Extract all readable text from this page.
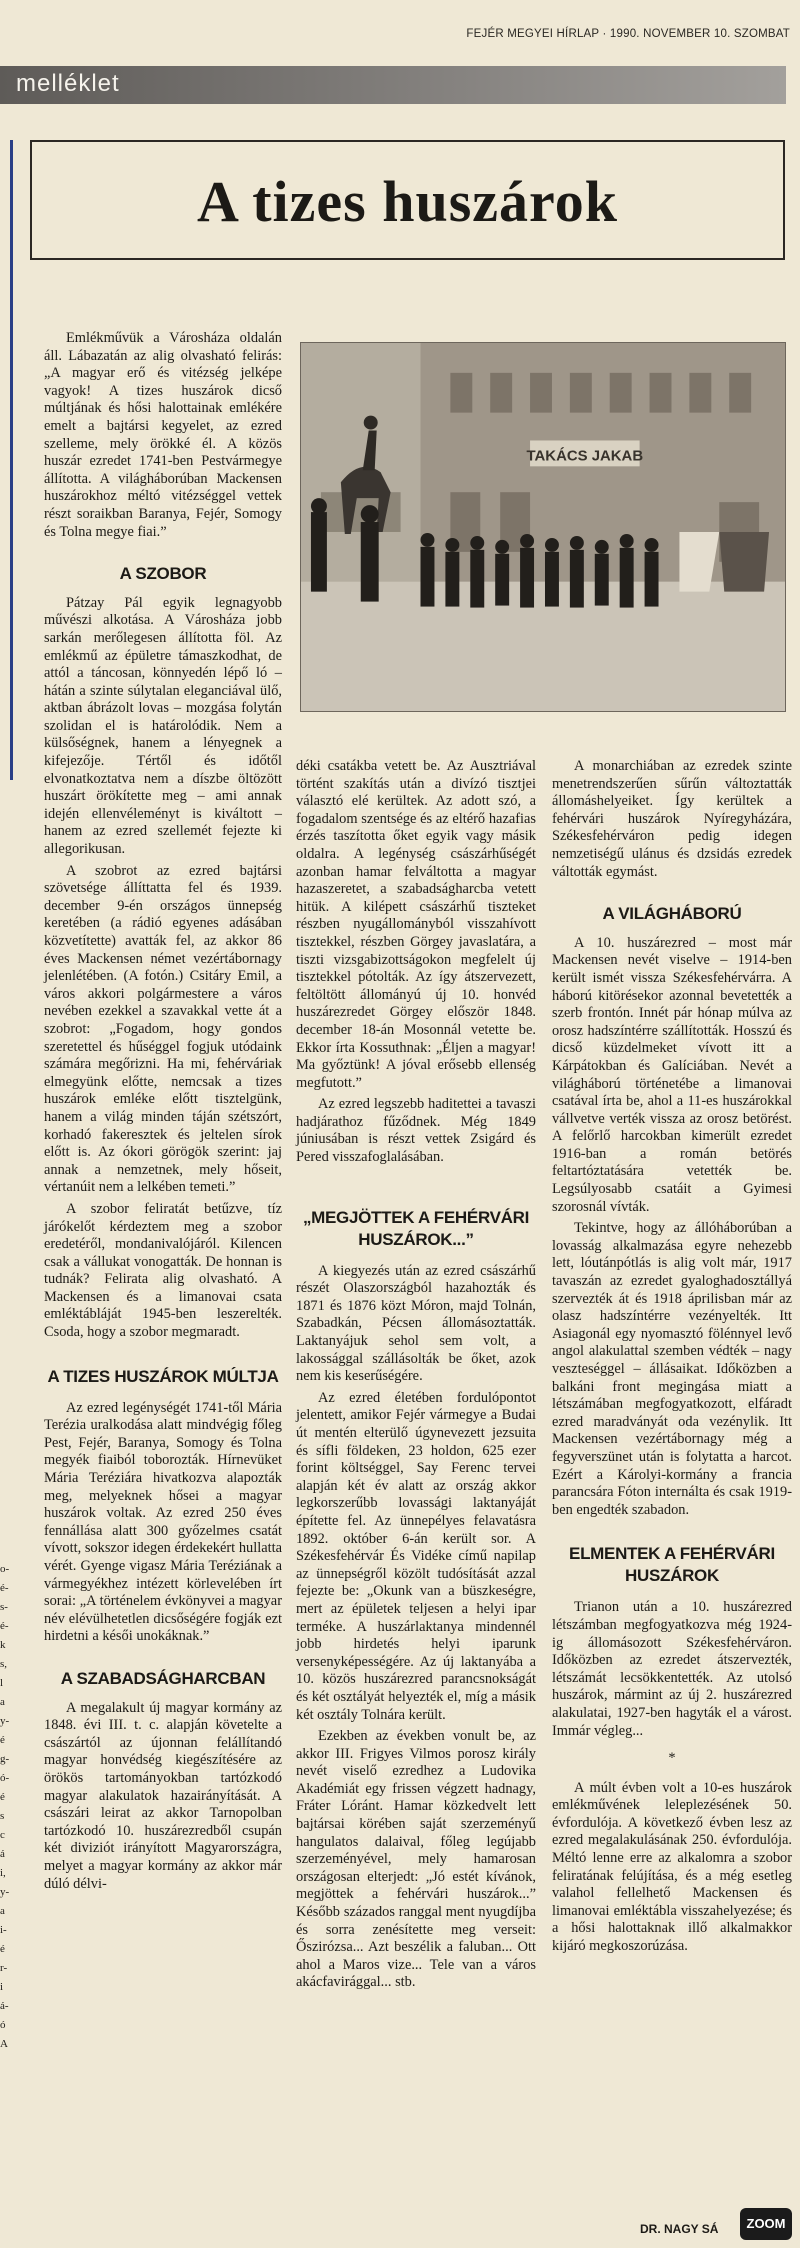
FEJÉR MEGYEI HÍRLAP · 1990. NOVEMBER 10. SZOMBAT
melléklet
A tizes huszárok
TAKÁCS JAKAB

Emlékművük a Városháza oldalán áll. Lábazatán az alig olvasható felirás: „A magyar erő és vitézség jelképe vagyok! A tizes huszárok dicső múltjának és hősi halottainak emlékére emelt a bajtársi kegyelet, az ezred szelleme, mely örökké él. A közös huszár ezredet 1741-ben Pestvármegye állította. A világháborúban Mackensen huszárokhoz méltó vitézséggel vettek részt soraikban Baranya, Fejér, Somogy és Tolna megye fiai.”

A SZOBOR

Pátzay Pál egyik legnagyobb művészi alkotása. A Városháza jobb sarkán merőlegesen állította föl. Az emlékmű az épületre támaszkodhat, de attól a táncosan, könnyedén lépő ló – hátán a szinte súlytalan eleganciával ülő, aktban ábrázolt lovas – mozgása folytán szolidan el is határolódik. Nem a külsőségnek, hanem a lényegnek a kifejezője. Tértől és időtől elvonatkoztatva nem a díszbe öltözött huszárt örökítette meg – ami annak idején ellenvéleményt is kiváltott – hanem az ezred szellemét fejezte ki allegorikusan.

A szobrot az ezred bajtársi szövetsége állíttatta fel és 1939. december 9-én országos ünnepség keretében (a rádió egyenes adásában közvetítette) avatták fel, az akkor 86 éves Mackensen német vezértábornagy jelenlétében. (A fotón.) Csitáry Emil, a város akkori polgármestere a város nevében ezekkel a szavakkal vette át a szobrot: „Fogadom, hogy gondos szeretettel és hűséggel fogjuk utódaink számára megőrizni. Ha mi, fehérváriak elmegyünk előtte, nemcsak a tizes huszárok emléke előtt tisztelgünk, hanem a világ minden táján szétszórt, korhadó fakeresztek és jeltelen sírok előtt is. Az ókori görögök szerint: jaj annak a nemzetnek, mely hőseit, vértanúit nem a lelkében temeti.”

A szobor feliratát betűzve, tíz járókelőt kérdeztem meg a szobor eredetéről, mondanivalójáról. Kilencen csak a vállukat vonogatták. De honnan is tudnák? Felirata alig olvasható. A Mackensen és a limanovai csata emléktábláját 1945-ben leszerelték. Csoda, hogy a szobor megmaradt.

A TIZES HUSZÁROK MÚLTJA

Az ezred legénységét 1741-től Mária Terézia uralkodása alatt mindvégig főleg Pest, Fejér, Baranya, Somogy és Tolna megyék fiaiból toborozták. Hírnevüket Mária Teréziára hivatkozva alapozták meg, melyeknek hősei a magyar huszárok voltak. Az ezred 250 éves fennállása alatt 300 győzelmes csatát vívott, sokszor idegen érdekekért hullatta vérét. Gyenge vigasz Mária Teréziának a vármegyékhez intézett körlevelében írt sorai: „A történelem évkönyvei a magyar név elévülhetetlen dicsőségére fogják ezt hirdetni a késői unokáknak.”

A SZABADSÁGHARCBAN

A megalakult új magyar kormány az 1848. évi III. t. c. alapján követelte a császártól az újonnan felállítandó magyar honvédség kiegészítésére az örökös tartományokban tartózkodó magyar alakulatok hazairányítását. A császári leirat az akkor Tarnopolban tartózkodó 10. huszárezredből csupán két diviziót irányított Magyarországra, melyet a magyar kormány az akkor már dúló délvi-

déki csatákba vetett be. Az Ausztriával történt szakítás után a divízó tisztjei választó elé kerültek. Az adott szó, a fogadalom szentsége és az eltérő hazafias érzés taszította őket egyik vagy másik oldalra. A legénység császárhűségét azonban hamar felváltotta a magyar hazaszeretet, a szabadságharcba vetett hitük. A kilépett császárhű tiszteket részben nyugállományból visszahívott tisztekkel, részben Görgey javaslatára, a tiszti vizsgabizottságokon megfelelt új tisztekkel pótolták. Az így átszervezett, feltöltött állományú új 10. honvéd huszárezredet Görgey először 1848. december 18-án Mosonnál vetette be. Ekkor írta Kossuthnak: „Éljen a magyar! Ma győztünk! A jóval erősebb ellenség megfutott.”

Az ezred legszebb haditettei a tavaszi hadjárathoz fűződnek. Még 1849 júniusában is részt vettek Zsigárd és Pered visszafoglalásában.

„MEGJÖTTEK A FEHÉRVÁRI HUSZÁROK...”

A kiegyezés után az ezred császárhű részét Olaszországból hazahozták és 1871 és 1876 közt Móron, majd Tolnán, Szabadkán, Pécsen állomásoztatták. Laktanyájuk sehol sem volt, a lakossággal szállásolták be őket, azok nem kis keserűségére.

Az ezred életében fordulópontot jelentett, amikor Fejér vármegye a Budai út mentén elterülő úgynevezett jezsuita és sífli földeken, 23 holdon, 625 ezer forint költséggel, Say Ferenc tervei alapján két év alatt az ország akkor legkorszerűbb lovassági laktanyáját építette fel. Az ünnepélyes felavatásra 1892. október 6-án került sor. A Székesfehérvár És Vidéke című napilap az ünnepségről közölt tudósítását azzal fejezte be: „Okunk van a büszkeségre, mert az épületek teljesen a helyi ipar terméke. A huszárlaktanya mindennél jobb hirdetés helyi iparunk versenyképességére. Az új laktanyába a 10. közös huszárezred parancsnokságát és két osztályát helyezték el, míg a másik két osztály Tolnára került.

Ezekben az években vonult be, az akkor III. Frigyes Vilmos porosz király nevét viselő ezredhez a Ludovika Akadémiát egy frissen végzett hadnagy, Fráter Lóránt. Hamar közkedvelt lett bajtársai körében saját szerzeményű hangulatos dalaival, főleg legújabb szerzeményével, mely hamarosan országosan elterjedt: „Jó estét kívánok, megjöttek a fehérvári huszárok...” Később százados ranggal ment nyugdíjba és sorra zenésítette meg verseit: Őszirózsa... Azt beszélik a faluban... Ott ahol a Maros vize... Tele van a város akácfavirággal... stb.

A monarchiában az ezredek szinte menetrendszerűen sűrűn változtatták állomáshelyeiket. Így kerültek a fehérvári huszárok Nyíregyházára, Székesfehérváron pedig idegen nemzetiségű ulánus és dzsidás ezredek váltották egymást.

A VILÁGHÁBORÚ

A 10. huszárezred – most már Mackensen nevét viselve – 1914-ben került ismét vissza Székesfehérvárra. A háború kitörésekor azonnal bevetették a szerb frontón. Innét pár hónap múlva az orosz hadszíntérre szállították. Hosszú és dicső küzdelmeket vívott itt a Kárpátokban és Galíciában. Nevét a világháború történetébe a limanovai csatával írta be, ahol a 11-es huszárokkal vállvetve verték vissza az orosz betörést. A felőrlő harcokban kimerült ezredet 1916-ban a román betörés feltartóztatására vetették be. Legsúlyosabb csatáit a Gyimesi szorosnál vívták.

Tekintve, hogy az állóháborúban a lovasság alkalmazása egyre nehezebb lett, lóutánpótlás is alig volt már, 1917 tavaszán az ezredet gyaloghadosztállyá szervezték át és 1918 áprilisban már az olasz hadszíntérre vezényelték. Itt Asiagonál egy nyomasztó fölénnyel levő angol alakulattal szemben védték – nagy veszteséggel – állásaikat. Időközben a balkáni front megingása miatt a létszámában megfogyatkozott, elfáradt ezred maradványát oda vezénylik. Itt Mackensen vezértábornagy még a fegyverszünet után is folytatta a harcot. Ezért a Károlyi-kormány a francia parancsára Fóton internálta és csak 1919-ben engedték szabadon.

ELMENTEK A FEHÉRVÁRI HUSZÁROK

Trianon után a 10. huszárezred létszámban megfogyatkozva még 1924-ig állomásozott Székesfehérváron. Időközben az ezredet átszervezték, létszámát lecsökkentették. Az utolsó huszárok, mármint az új 2. huszárezred alakulatai, 1927-ben hagyták el a várost. Immár végleg...

*

A múlt évben volt a 10-es huszárok emlékművének leleplezésének 50. évfordulója. A következő évben lesz az ezred megalakulásának 250. évfordulója. Méltó lenne erre az alkalomra a szobor feliratának felújítása, és a még esetleg valahol fellelhető Mackensen és limanovai emléktábla visszahelyezése; és a hősi halottaknak illő alkalmakkor kijáró megkoszorúzása.

o-
é-
s-
é-
k
s,
l
a
y-
é
g-
ó-
é
s
c
á
i,
y-
a
i-
é
r-
i
á-
ó
A
DR. NAGY SÁ	ZOOM
